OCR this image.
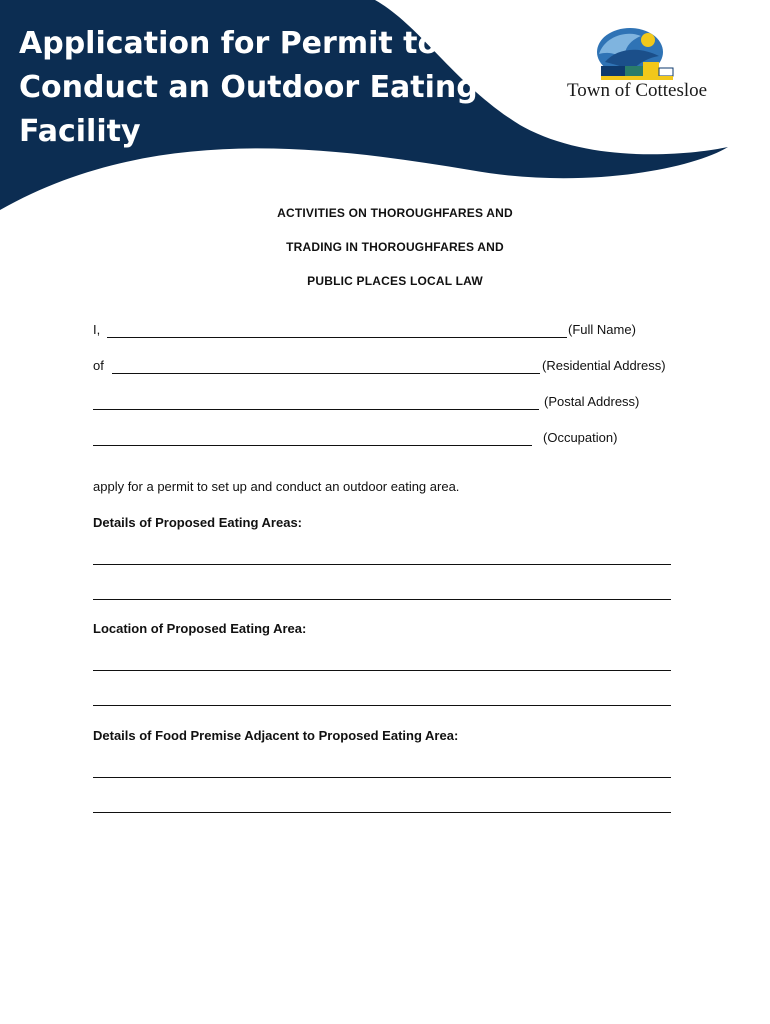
Application for Permit to Conduct an Outdoor Eating Facility
Town of Cottesloe
ACTIVITIES ON THOROUGHFARES AND
TRADING IN THOROUGHFARES AND
PUBLIC PLACES LOCAL LAW
I,	(Full Name)
of	(Residential Address)
(Postal Address)
(Occupation)
apply for a permit to set up and conduct an outdoor eating area.
Details of Proposed Eating Areas:
Location of Proposed Eating Area:
Details of Food Premise Adjacent to Proposed Eating Area:
